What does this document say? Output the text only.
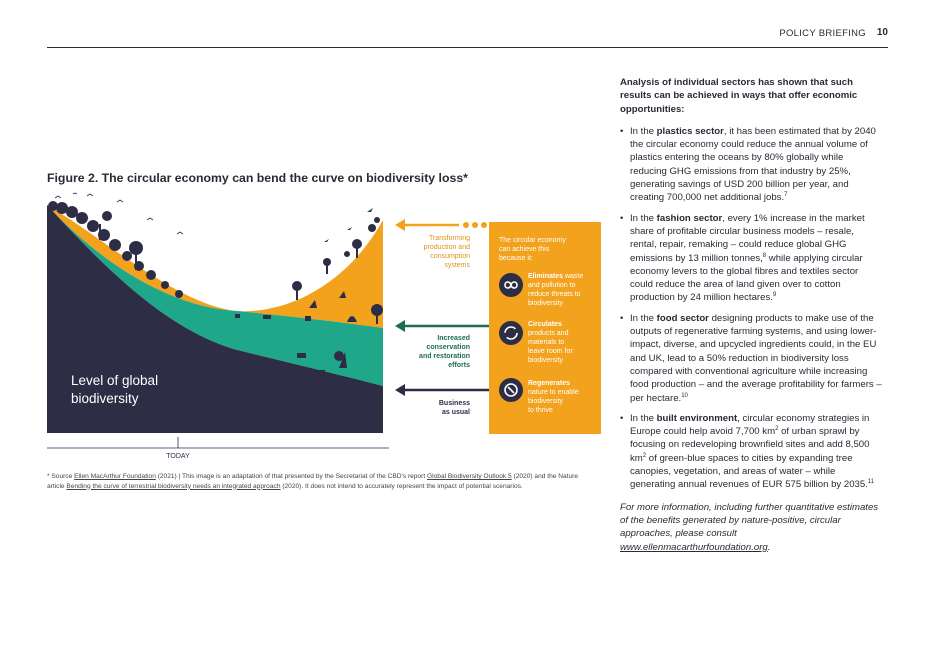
POLICY BRIEFING 10
Figure 2. The circular economy can bend the curve on biodiversity loss*
Level of global
biodiversity
TODAY
Transforming
production and
consumption
systems
Increased
conservation
and restoration
efforts
Business
as usual
The circular economy
can achieve this
because it:
Eliminates waste
and pollution to
reduce threats to
biodiversity
Circulates
products and
materials to
leave room for
biodiversity
Regenerates
nature to enable
biodiversity
to thrive
* Source Ellen MacArthur Foundation (2021) | This image is an adaptation of that presented by the Secretariat of the CBD's report Global Biodiversity Outlook 5 (2020) and the Nature article Bending the curve of terrestrial biodiversity needs an integrated approach (2020). It does not intend to accurately represent the impact of potential scenarios.

Analysis of individual sectors has shown that such results can be achieved in ways that offer economic opportunities:

• In the plastics sector, it has been estimated that by 2040 the circular economy could reduce the annual volume of plastics entering the oceans by 80% globally while reducing GHG emissions from that industry by 25%, generating savings of USD 200 billion per year, and creating 700,000 net additional jobs.$^7$
• In the fashion sector, every 1% increase in the market share of profitable circular business models – resale, rental, repair, remaking – could reduce global GHG emissions by 13 million tonnes,$^8$ while applying circular economy levers to the global fibres and textiles sector could reduce the area of land given over to cotton production by 24 million hectares.$^9$
• In the food sector designing products to make use of the outputs of regenerative farming systems, and using lower-impact, diverse, and upcycled ingredients could, in the EU and UK, lead to a 50% reduction in biodiversity loss compared with conventional agriculture while increasing food production – and the average profitability for farmers – per hectare.$^{10}$
• In the built environment, circular economy strategies in Europe could help avoid 7,700 $km^2$ of urban sprawl by focusing on redeveloping brownfield sites and add 8,500 $km^2$ of green-blue spaces to cities by expanding tree canopies, vegetation, and areas of water – while generating annual revenues of EUR 575 billion by 2035.11

For more information, including further quantitative estimates of the benefits generated by nature-positive, circular approaches, please consult www.ellenmacarthurfoundation.org.
